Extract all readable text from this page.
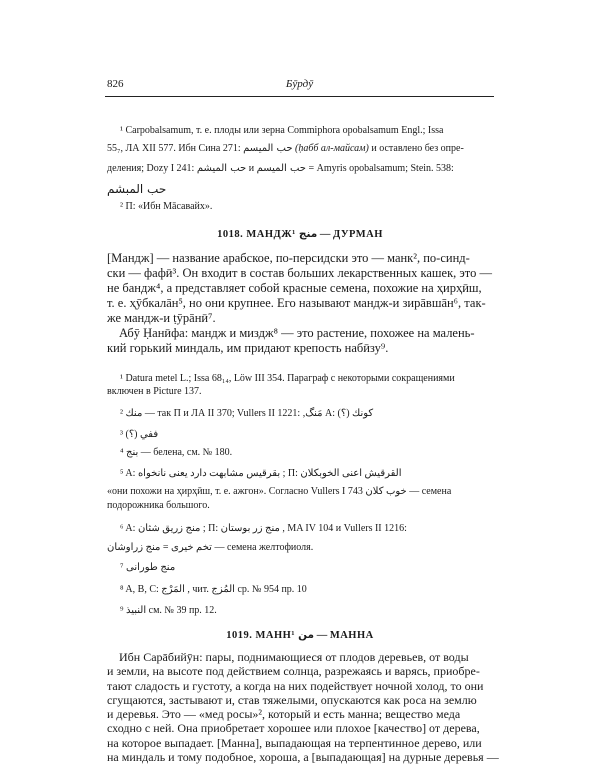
826	Бӯрдӯ
¹ Carpobalsamum, т. е. плоды или зерна Commiphora opobalsamum Engl.; Issa
55₇, ЛА XII 577. Ибн Сина 271: حب المیسم (ḥабб ал-майсам) и оставлено без опре-
деления; Dozy I 241: حب المیشم и حب المیسم = Amyris opobalsamum; Stein. 538:
حب المبشم
² П: «Ибн Māсавайх».
1018. МАНДЖ¹ منج — ДУРМАН
[Мандж] — название арабское, по-персидски это — манк², по-синд-
ски — фафӣ³. Он входит в состав больших лекарственных кашек, это —
не бандж⁴, а представляет собой красные семена, похожие на ҳирҳӣш,
т. е. ҳӯбкалāн⁵, но они крупнее. Его называют мандж-и зирāвшāн⁶, так-
же мандж-и ṭӯрāнӣ⁷.
Абӯ Ḥанӣфа: мандж и миздж⁸ — это растение, похожее на малень-
кий горький миндаль, им придают крепость набӣзу⁹.
¹ Datura metel L.; Issa 68₁₄, Löw III 354. Параграф с некоторыми сокращениями
включен в Picture 137.
² منك — так П и ЛА II 370; Vullers II 1221: ,مَنگ A: (؟) كونك
³ ففي (؟)
⁴ بنج — белена, см. № 180.
⁵ A: بقرقيس مشابهت دارد يعنى نانخواه ; П: القرقيش اعنى الخوبكلان
«они похожи на ҳирҳӣш, т. е. ажгон». Согласно Vullers I 743 خوب كلان — семена
подорожника большого.
⁶ A: منج زريق شثان ; П: منج زر بوستان , MA IV 104 и Vullers II 1216:
تخم خيرى = منج زراوشان — семена желтофиоля.
⁷ منج طورانى
⁸ A, B, C: المَرْج , чит. المُزج ср. № 954 пр. 10
⁹ النبيذ см. № 39 пр. 12.
1019. МАНН¹ من — МАННА
Ибн Сарāбийӯн: пары, поднимающиеся от плодов деревьев, от воды
и земли, на высоте под действием солнца, разрежаясь и варясь, приобре-
тают сладость и густоту, а когда на них подействует ночной холод, то они
сгущаются, застывают и, став тяжелыми, опускаются как роса на землю
и деревья. Это — «мед росы»², который и есть манна; вещество меда
сходно с ней. Она приобретает хорошее или плохое [качество] от дерева,
на которое выпадает. [Манна], выпадающая на терпентинное дерево, или
на миндаль и тому подобное, хороша, а [выпадающая] на дурные деревья —
